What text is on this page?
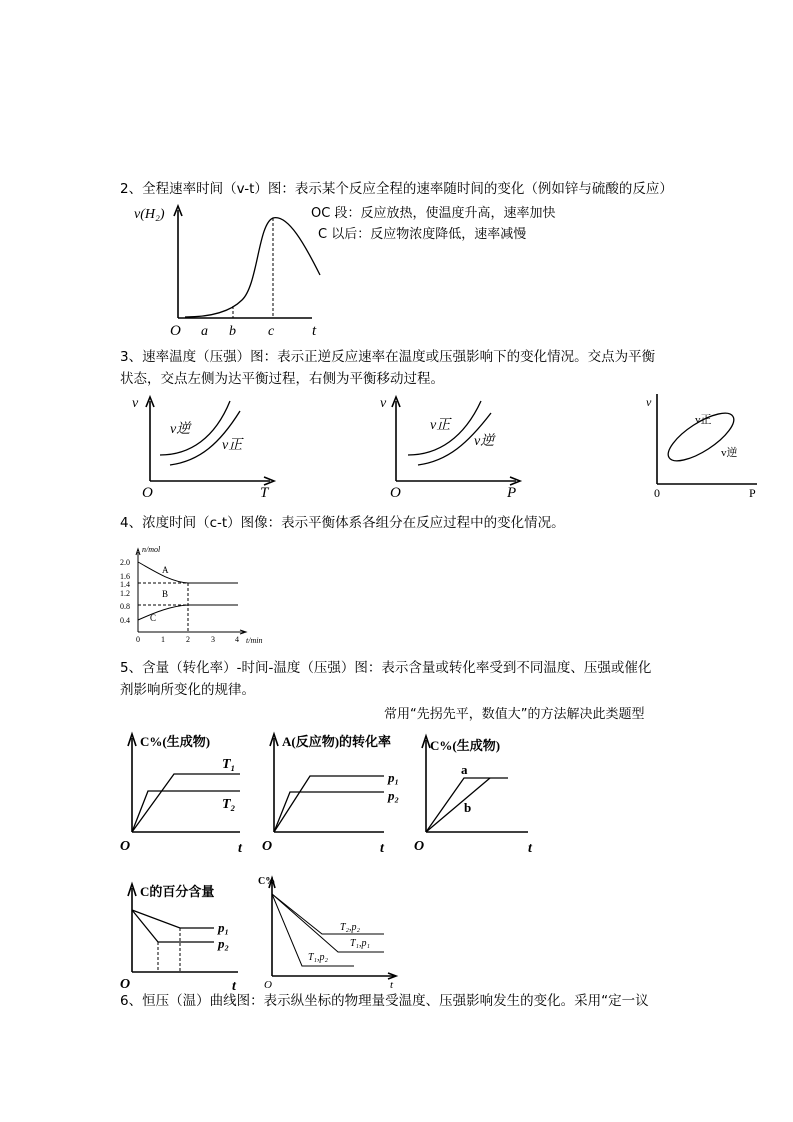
2、全程速率时间（v-t）图：表示某个反应全程的速率随时间的变化（例如锌与硫酸的反应）
v(H₂)
O a b c	t
OC 段：反应放热，使温度升高，速率加快
C 以后：反应物浓度降低，速率减慢
3、速率温度（压强）图：表示正逆反应速率在温度或压强影响下的变化情况。交点为平衡
状态，交点左侧为达平衡过程，右侧为平衡移动过程。
v
v逆
v正
O	T
v
v正
v逆
O	P
v
v正
v逆
0	P
4、浓度时间（c-t）图像：表示平衡体系各组分在反应过程中的变化情况。
n/mol
2.0
1.6
1.4
1.2
0.8
0.4
A
B
C
0	1	2	3	4 t/min
5、含量（转化率）-时间-温度（压强）图：表示含量或转化率受到不同温度、压强或催化
剂影响所变化的规律。
常用“先拐先平，数值大”的方法解决此类题型
C%(生成物)
T₁
T₂
O	t
A(反应物)的转化率
p₁
p₂
O	t
C%(生成物)
a
b
O	t
C的百分含量
p₁
p₂
O	t
C%
T₂,p₂
T₁,p₁
T₁,p₂
O	t
6、恒压（温）曲线图：表示纵坐标的物理量受温度、压强影响发生的变化。采用“定一议
